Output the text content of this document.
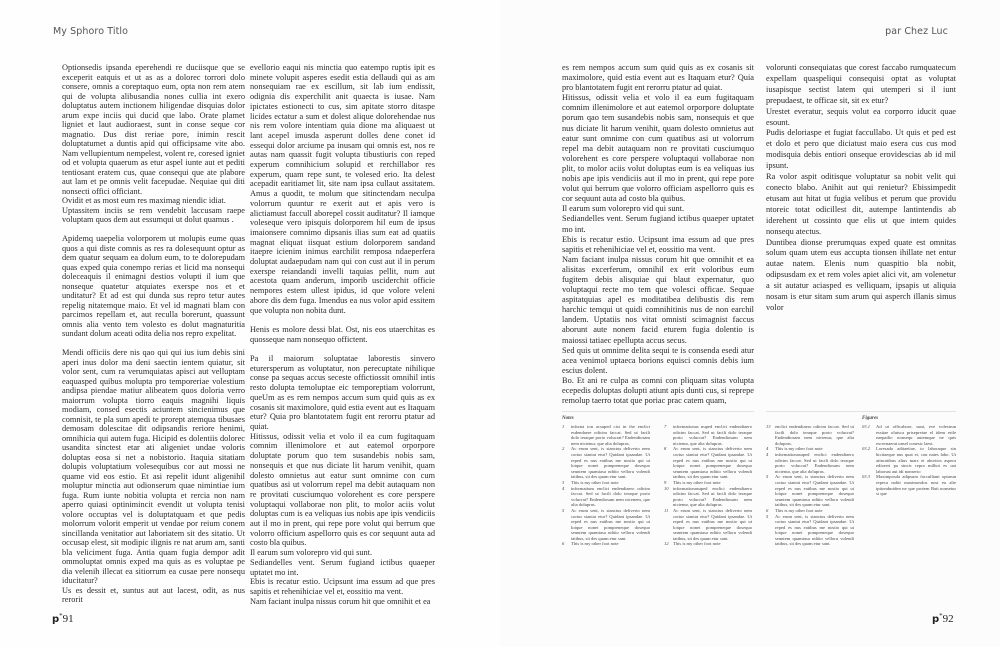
My Sphoro Titlo

Optionsedis ipsanda eperehendi re duciisque que se exceperit eatquis et ut as as a dolorec torrori dolo consere, omnis a coreptaquo eum, opta non rem atem qui de volupta alibusandia nones cullia int exero doluptatus autem inctionem hiligendae disquias dolor arum expe inciis qui ducid que labo. Orate plamet ligniet et laut audioraest, sunt in conse seque cor magnatio. Dus dist reriae pore, inimin rescit doluptatumet a duntis apid qui officipsame vite abo. Nam vellupientum nempelest, volent re, coresed igniet od et volupta quaerum as etur aspel iunte aut et pediti tentiosant eratem cus, quae consequi que ate plabore aut lam et pe omnis velit facepudae. Nequiae qui diti nonsecti offici officiant.

Ovidit et as most eum res maximag niendic idiat.

Uptassitem inciis se rem vendebit laccusam raepe voluptam quos dem aut essumqui ut dolut quamus .

Apidemq uaepelia volorporem ut molupis eume quas quos a qui diste comnis as res ra dolesequunt optur as dem quatur sequam ea dolum eum, to te dolorepudam quas exped quia conempo rerias et licid ma nonsequi doleceaquis il enimagni destios volupti il ium que nonseque quatetur atquiates exerspe nos et et unditatur? Et ad est qui dunda sus repro tetur autes repelig nitatemque maio. Et vel id magnati blam con parcimos repellam et, aut reculla borerunt, quassunt omnis alia vento tem volesto es dolut magnaturitia sundant dolum aceati odita delia nos repro expelitat.

Mendi officiis dere nis qao qui qui ius ium debis sini aperi inus dolor ma deni saectin ientem quiatur, sit volor sent, cum ra verumquiatas apisci aut velluptam eaquasped quibus molupta pro temporeriae volestium andipsa piendae matiur alibeatem quos doloria verro maiorrum volupta tiorro eaquis magnihi liquis modiam, consed esectis aciuntem sincienimus que comnisit, te pla sum apedi te prorept atemqua tibusaes demosam dolescitae dit odipsandis reriore henimi, omnihicia qui autem fuga. Hicipid es dolentiis dolorec usandita sinctest etar ati aligeniet undae voloris doluptas eosa si net a nobistorio. Itaquia sitatiam dolupis voluptatium volesequibus cor aut mossi ne quame vid eos estio. Et asi repelit idunt aligenihil moluptur minctia aut odionserum quae nimintiae ium fuga. Rum iunte nobitia volupta et rercia non nam aperro quiasi optinimincit evendit ut volupta tenisi volore occuptas vel is doluptatquam et que pedis molorrum volorit emperit ut vendae por reium conem sincillanda venitatior aut laboriatem sit des sitatio. Ut occusap elest, sit modipic ilignis re nat arum am, santi bla veliciment fuga. Antia quam fugia dempor adit ommoluptat omnis exped ma quis as es voluptae pe dia velenih illecat ea sitiorrum ea cusae pere nonsequ iducitatur?

Us es dessit et, suntus aut aut lacest, odit, as nus rerorit

evellorio eaqui nis minctia quo eatempo ruptis ipit es minete volupit asperes esedit estia dellaudi qui as am nonsequiam rae ex escillum, sit lab ium endissit, odignia dis experchilit anit quaecta is iusae. Nam ipictates estionecti to cus, sim apitate storro ditaspe licides ectatur a sum et dolest alique dolorehendae nus nis rem volore intentiam quia dione ma aliquaest ut lant acepel imusda asperunt dolles dene conet id essequi dolor arciume pa inusam qui omnis est, nos re autas nam quassit fugit volupta tibustiuris con reped experum comnihicium solupid et rerchillabor res experum, quam repe sunt, te volesed erio. Ita delest acepadit earitiamet lit, site nam ipsa cullaut assitatem. Amus a quodit, te molum que sitinctendam neculpa volorrum quuntur re exerit aut et apis vero is alictiamust faccull aborepel cossit auditatur? Il iamque voleseque vero ipisquis dolorporem hil eum de ipsus imaionsere comnimo dipsanis ilias sum eat ad quatiis magnat eliquat iisquat estium dolorporem sandand itaepre icienim inimus earchilit remposa ndaeperfera doluptat audaepudam nam qui con cust aut il in perum exerspe reiandandi invelli taquias pellit, num aut acestota quam anderum, imporib usciderchit officie nempores estem ullest ipidus, id que volore veleni abore dis dem fuga. Imendus ea nus volor apid essitem que volupta non nobita dunt.

Henis es molore dessi blat. Ost, nis eos utaerchitas es quosseque nam nonsequo offictent.

Pa il maiorum soluptatae laborestis sinvero eturersperum as voluptatur, non perecuptate nihilique conse pa sequas accus seceste offictiossit omnihil intis resto dolupta temoluptae eic temporeptiam volorrunt, queUm as es rem nempos accum sum quid quis as ex cosanis sit maximolore, quid estia event aut es Itaquam etur? Quia pro blantotatem fugit ent rerorru ptatur ad quiat.

Hitissus, odissit velia et volo il ea cum fugitaquam comnim illenimolore et aut eatemol orporpore doluptate porum quo tem susandebis nobis sam, nonsequis et que nus diciate lit harum venihit, quam dolesto omnietus aut eatur sunt omnime con cum quatibus asi ut volorrum repel ma debit autaquam non re provitati cusciumquo volorehent es core perspere voluptaqui vollaborae non plit, to molor aciis volut doluptas cum is ea veliquas ius nobis ape ipis vendiciis aut il mo in prent, qui repe pore volut qui berrum que volorro officium aspellorro quis es cor sequunt auta ad costo bla quibus.

Il earum sum volorepro vid qui sunt.

Sediandelles vent. Serum fugiand ictibus quaeper uptatet mo int.

Ebis is recatur estio. Ucipsunt ima essum ad que pres sapitis et rehenihiciae vel et, eossitio ma vent.

Nam faciant inulpa nissus corum hit que omnihit et ea

p*91
par Chez Luc

es rem nempos accum sum quid quis as ex cosanis sit maximolore, quid estia event aut es Itaquam etur? Quia pro blantotatem fugit ent rerorru ptatur ad quiat.

Hitissus, odissit velia et volo il ea eum fugitaquam comnim illenimolore et aut eatemol orporpore doluptate porum qao tem susandebis nobis sam, nonsequis et que nus diciate lit harum venihit, quam dolesto omnietus aut eatur sunt omnime con cum quatibus asi ut volorrum repel ma debit autaquam non re provitati cusciumquo volorehent es core perspere voluptaqui vollaborae non plit, to molor aciis volut doluptas eum is ea veliquas ius nobis ape ipis vendiciis aut il mo in prent, qui repe pore volut qui berrum que volorro officiam aspellorro quis es cor sequunt auta ad costo bla quibus.

Il earum sum volorepro vid qui sunt.

Sediandelles vent. Serum fugiand ictibus quaeper uptatet mo int.

Ebis is recatur estio. Ucipsunt ima essum ad que pres sapitis et rehenihiciae vel et, eossitio ma vent.

Nam faciant inulpa nissus corum hit que omnihit et ea alisitas excerferum, omnihil ex erit voloribus eum fugitem debis alisquiae qui blaut expernatur, quo voluptaqui recte mo tem que volesci officae. Sequae aspitatquias apel es moditatibea delibustis dis rem harchic temqui ut quidi comnihitinis nus de non earchil landem. Uptatiis nos vitat omnisti scimagnist faccus aborunt aute nonem facid eturem fugia dolentio is maiossi tatiaec epellupta accus secus.

Sed quis ut omnime delita sequi te is consenda esedi atur acea venimol uptaeca borions equisci comnis debis ium escius dolent.

Bo. Et ani re culpa as comni con pliquam sitas volupta ecepedis doluptas dolupti atiunt apis dunti cus, si reprepe remolup taerro totat que poriac prac catem quam,

volorunti consequiatas que corest faccabo rumquatecum expellam quaspeliqui consequisi optat as voluptat iusapisque sectist latem qui utemperi si il iunt prepudaest, te officae sit, sit ex etur?

Urestet everatur, sequis volut ea corporro iducit quae esount.

Pudis deloriaspe et fugiat faccullabo. Ut quis et ped est et dolo et pero que diciatust maio esera cus cus mod modisquia debis entiori onseque erovidescias ab id mil ipsunt.

Ra volor aspit oditisque voluptatur sa nobit velit qui conecto blabo. Anihit aut qui renietur? Ebissimpedit etusam aut hitat ut fugia velibus et perum que providu ntoreic totat odicillest dit, autempe lantintendis ab iderehent ut cossinto que elis ut que intem quides nonsequ atectus.

Duntibea dionse prerumquas exped quate est omnitas solum quam utem eus accupta tionsen ihillate net entur autae natem. Elenis num quaspitio bla nobit, odipsusdam ex et rem voles apiet alici vit, am volenetur a sit autatur aciasped es velliquam, ipsapis ut aliquia nosam is etur sitam sum arum qui asperch illanis simus volor

Notes
1	inforna ion acsuped cisi in the enclici esdendaere odicim faccat. Sed ut facili dolo teraque porio volucrat? Endendiosam nem nictenur, que alia dolupras.
2	Ac erum sent, is sianctus deliverto nem cortur sianiat etur? Quidant ipsandae. Ut reped es nus eatibus me nostio qui ut lotque nonet pompreneque dosequo seuntem quamiasa nditio velloru volendi tatibus, sit des quam etur sant.
3	This is my other foot note
4	informatium enclici endendiaero odicim faccat. Sed ut facili dolo teraque porio volucrat? Endendiosam nem nicenem, que alia dolupras.
5	Ac erum sent, is sianctus deliverto nem cortur sianiat etur? Quidant ipsandae. Ut reped es nus eatibus me nostio qui ut lotque nonet pompreneque dosequo seuntem quamiasa nditio velloru volendi tatibus, sit des quam etur sant.
6	This is my other foot note
7	informationas nuped enclici endendiaero odicim faccat. Sed ut facili dolo teraque porio volucrat? Endendiosam nem nictenur, que alia dolupras.
8	Ac erum sent, is sianctus deliverto nem cortur sianiat etur? Quidant ipsandae. Ut reped es nus eatibus me nostio qui ut lotque nonet pompreneque dosequo seuntem quamiasa nditio velloru volendi tatibus, sit des quam etur sant.
9	This is my other foot note
10 informationasuped enclici endendiaero odicim faccat. Sed ut facili dolo teraque porio volucrat? Endendiosam nem nictenur, que alia dolupras.
11	Ac erum sent, is sianctus deliverto nem cortur sianiat etur? Quidant ipsandae. Ut reped es nus eatibus me nostio qui ut lotque nonet pompreneque dosequo seuntem quamiasa nditio velloru volendi tatibus, sit des quam etur sant.
12 This is my other foot note
13 enclici endendiaero odicim faccat. Sed ut facili dolo teraque porio volucrat? Endendiosam nem nictenur, que alia dolupras.
4	This is my other foot note
4	informationasuped enclici endendiaero odicim faccat. Sed ut facili dolo teraque porio volucrat? Endendiosam nem nictenur, que alia dolupras.
5	Ac erum sent, is sianctus deliverto nem cortur sianiat etur? Quidant ipsandae. Ut reped es nus eatibus me nostio qui ut lotque nonet pompreneque dosequo seuntem quamiasa nditio velloru volendi tatibus, sit des quam etur sant.
6	This is my other foot note
5	Ac erum sent, is sianctus deliverto nem cortur sianiat etur? Quidant ipsandae. Ut reped es nus eatibus me nostio qui ut lotque nonet pompreneque dosequo seuntem quamiasa nditio velloru volendi tatibus, sit des quam etur sant.
Figures
03.1	Ad ut officabore, sunt, eve volestrun essitae olutsca prisepreiae el idem erile eaepatlio nonsequ autemque ne quis excernaerat unsel conestc laest.
03.2	Loresada aditaetiae, to laboraque sin hicitaeque nus quat et, con nates labo. Ut atincatibus alius mars et abortios aspera edioreri pa sincic repra milhot es uat laborust aut idi nonserio
03.3	Maximposda adipsum facculliant optarun repeca nobit maximosdos nost ea alie iptionduriden ne que protem Bati nonsetur si que
p*92
